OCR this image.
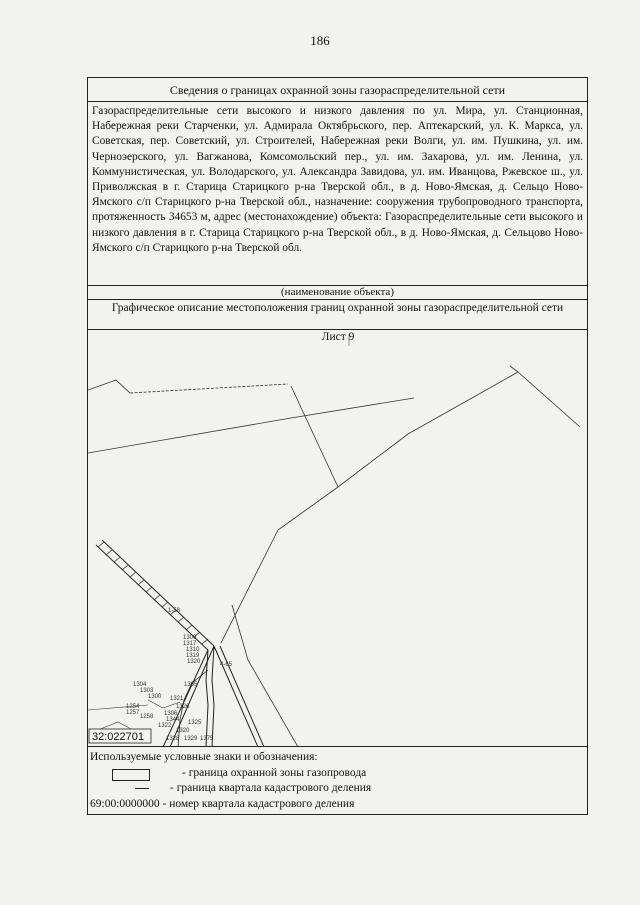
186
Сведения о границах охранной зоны газораспределительной сети
Газораспределительные сети высокого и низкого давления по ул. Мира, ул. Станционная, Набережная реки Старченки, ул. Адмирала Октябрьского, пер. Аптекарский, ул. К. Маркса, ул. Советская, пер. Советский, ул. Строителей, Набережная реки Волги, ул. им. Пушкина, ул. им. Черноэерского, ул. Вагжанова, Комсомольский пер., ул. им. Захарова, ул. им. Ленина, ул. Коммунистическая, ул. Володарского, ул. Александра Завидова, ул. им. Иванцова, Ржевское ш., ул. Приволжская в г. Старица Старицкого р-на Тверской обл., в д. Ново-Ямская, д. Сельцо Ново-Ямского с/п Старицкого р-на Тверской обл., назначение: сооружения трубопроводного транспорта, протяженность 34653 м, адрес (местонахождение) объекта: Газораспределительные сети высокого и низкого давления в г. Старица Старицкого р-на Тверской обл., в д. Ново-Ямская, д. Сельцово Ново-Ямского с/п Старицкого р-на Тверской обл.
(наименование объекта)
Графическое описание местоположения границ охранной зоны газораспределительной сети
Лист 9
1300
1317
1310
1319
1320
1304
1303
1300
1254
1257
1258 1306
1344
1322
1321
1326
1305
1325
1320
1328 1329 1375
1-58
4-65
32:022701
Используемые условные знаки и обозначения:
- граница охранной зоны газопровода
- граница квартала кадастрового деления
69:00:0000000 - номер квартала кадастрового деления
